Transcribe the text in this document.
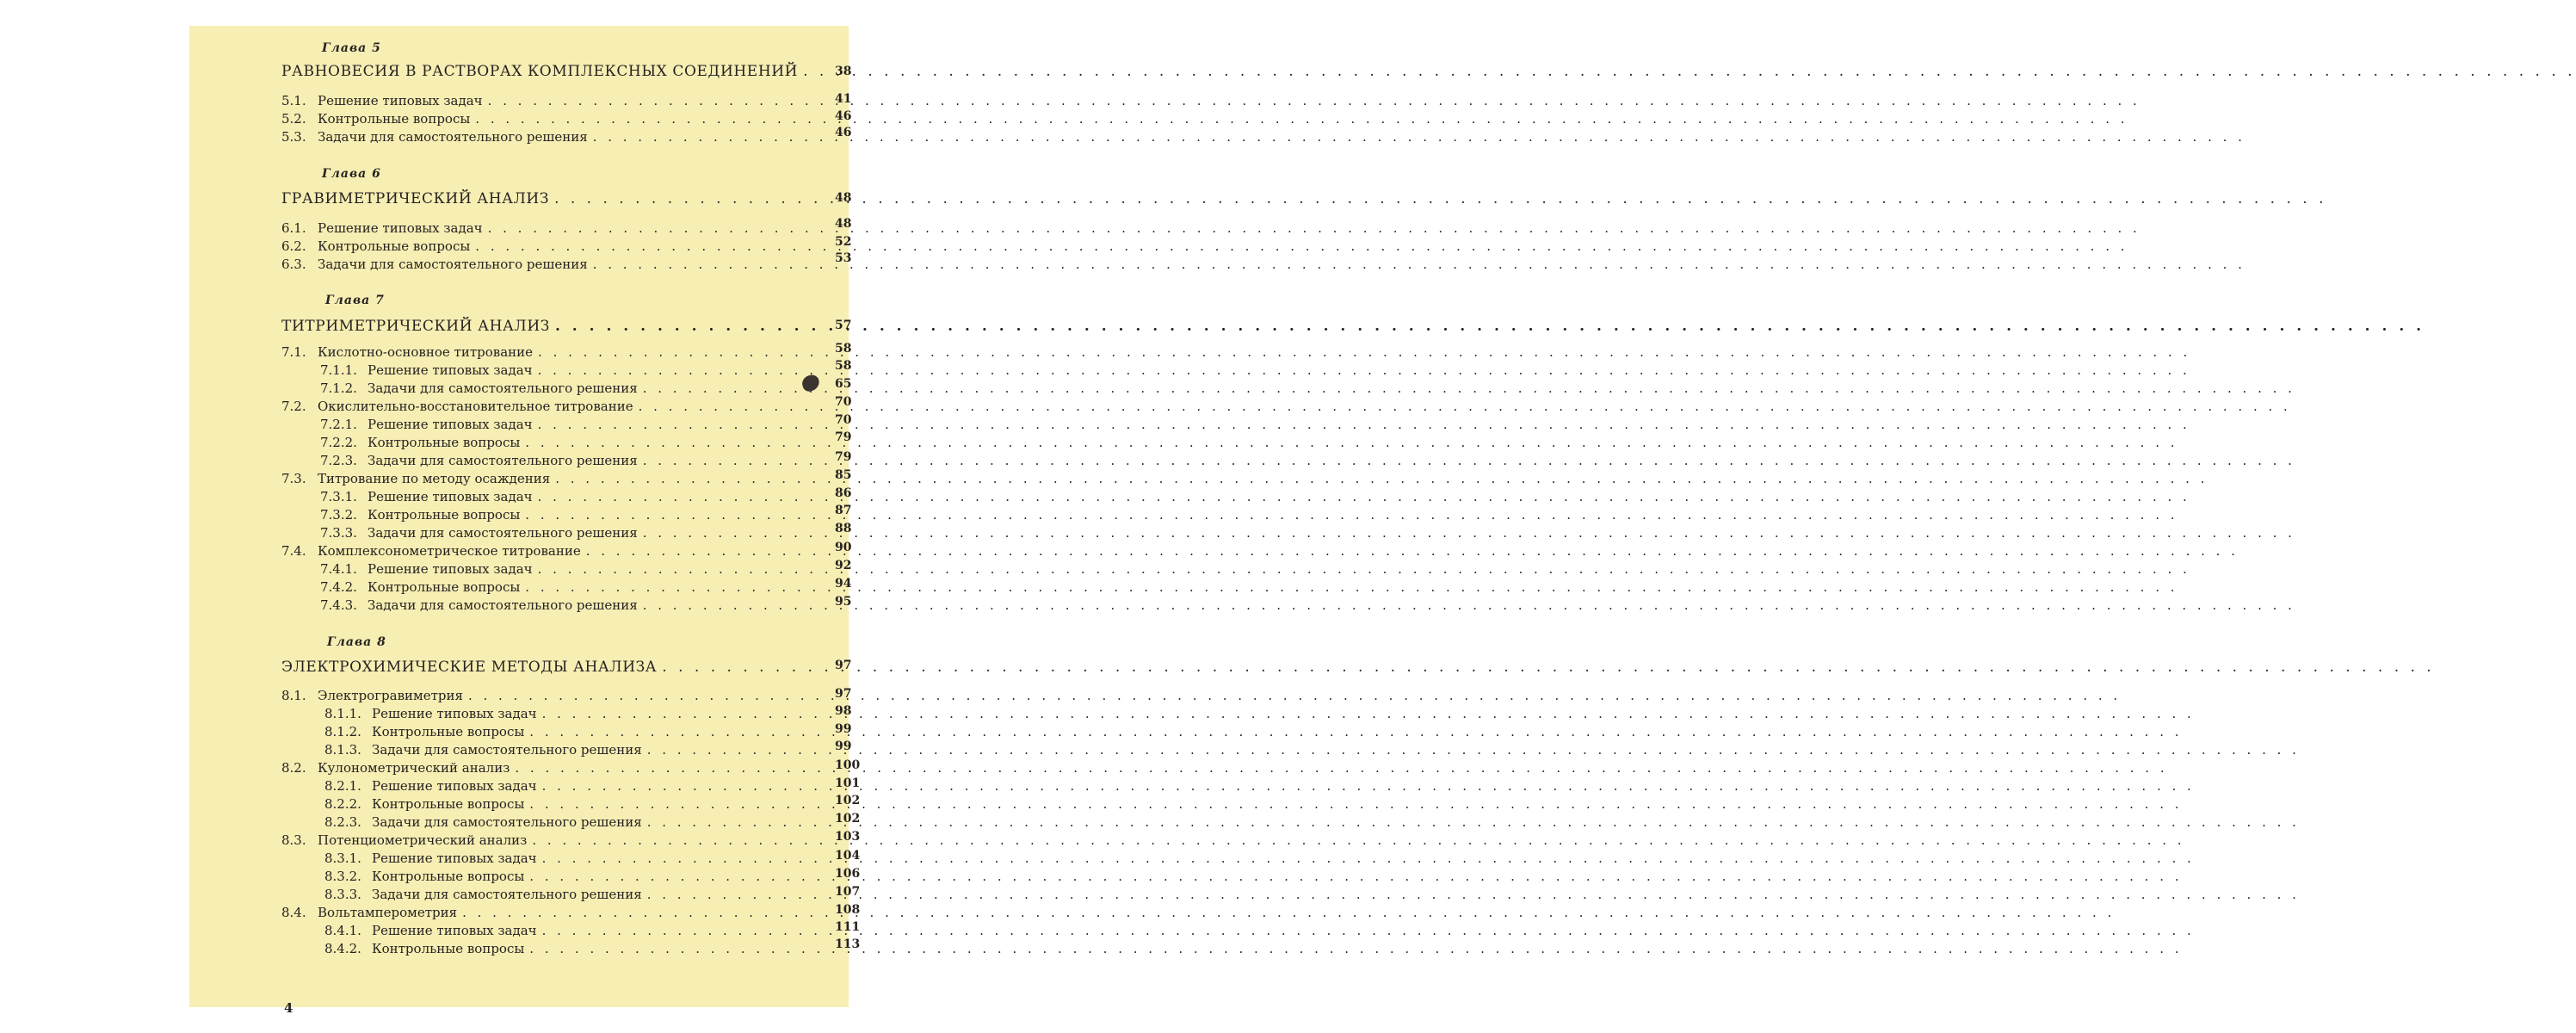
Глава 5
РАВНОВЕСИЯ В РАСТВОРАХ КОМПЛЕКСНЫХ СОЕДИНЕНИЙ . . .	38
5.1. Решение типовых задач . . .	41
5.2. Контрольные вопросы . . .	46
5.3. Задачи для самостоятельного решения . . .	46
Глава 6
ГРАВИМЕТРИЧЕСКИЙ АНАЛИЗ . . .	48
6.1. Решение типовых задач . . .	48
6.2. Контрольные вопросы . . .	52
6.3. Задачи для самостоятельного решения . . .	53
Глава 7
ТИТРИМЕТРИЧЕСКИЙ АНАЛИЗ . . .	57
7.1. Кислотно-основное титрование . . .	58
7.1.1. Решение типовых задач . . .	58
7.1.2. Задачи для самостоятельного решения . . .	65
7.2. Окислительно-восстановительное титрование . . .	70
7.2.1. Решение типовых задач . . .	70
7.2.2. Контрольные вопросы . . .	79
7.2.3. Задачи для самостоятельного решения . . .	79
7.3. Титрование по методу осаждения . . .	85
7.3.1. Решение типовых задач . . .	86
7.3.2. Контрольные вопросы . . .	87
7.3.3. Задачи для самостоятельного решения . . .	88
7.4. Комплексонометрическое титрование . . .	90
7.4.1. Решение типовых задач . . .	92
7.4.2. Контрольные вопросы . . .	94
7.4.3. Задачи для самостоятельного решения . . .	95
Глава 8
ЭЛЕКТРОХИМИЧЕСКИЕ МЕТОДЫ АНАЛИЗА . . .	97
8.1. Электрогравиметрия . . .	97
8.1.1. Решение типовых задач . . .	98
8.1.2. Контрольные вопросы . . .	99
8.1.3. Задачи для самостоятельного решения . . .	99
8.2. Кулонометрический анализ . . .	100
8.2.1. Решение типовых задач . . .	101
8.2.2. Контрольные вопросы . . .	102
8.2.3. Задачи для самостоятельного решения . . .	102
8.3. Потенциометрический анализ . . .	103
8.3.1. Решение типовых задач . . .	104
8.3.2. Контрольные вопросы . . .	106
8.3.3. Задачи для самостоятельного решения . . .	107
8.4. Вольтамперометрия . . .	108
8.4.1. Решение типовых задач . . .	111
8.4.2. Контрольные вопросы . . .	113
4
